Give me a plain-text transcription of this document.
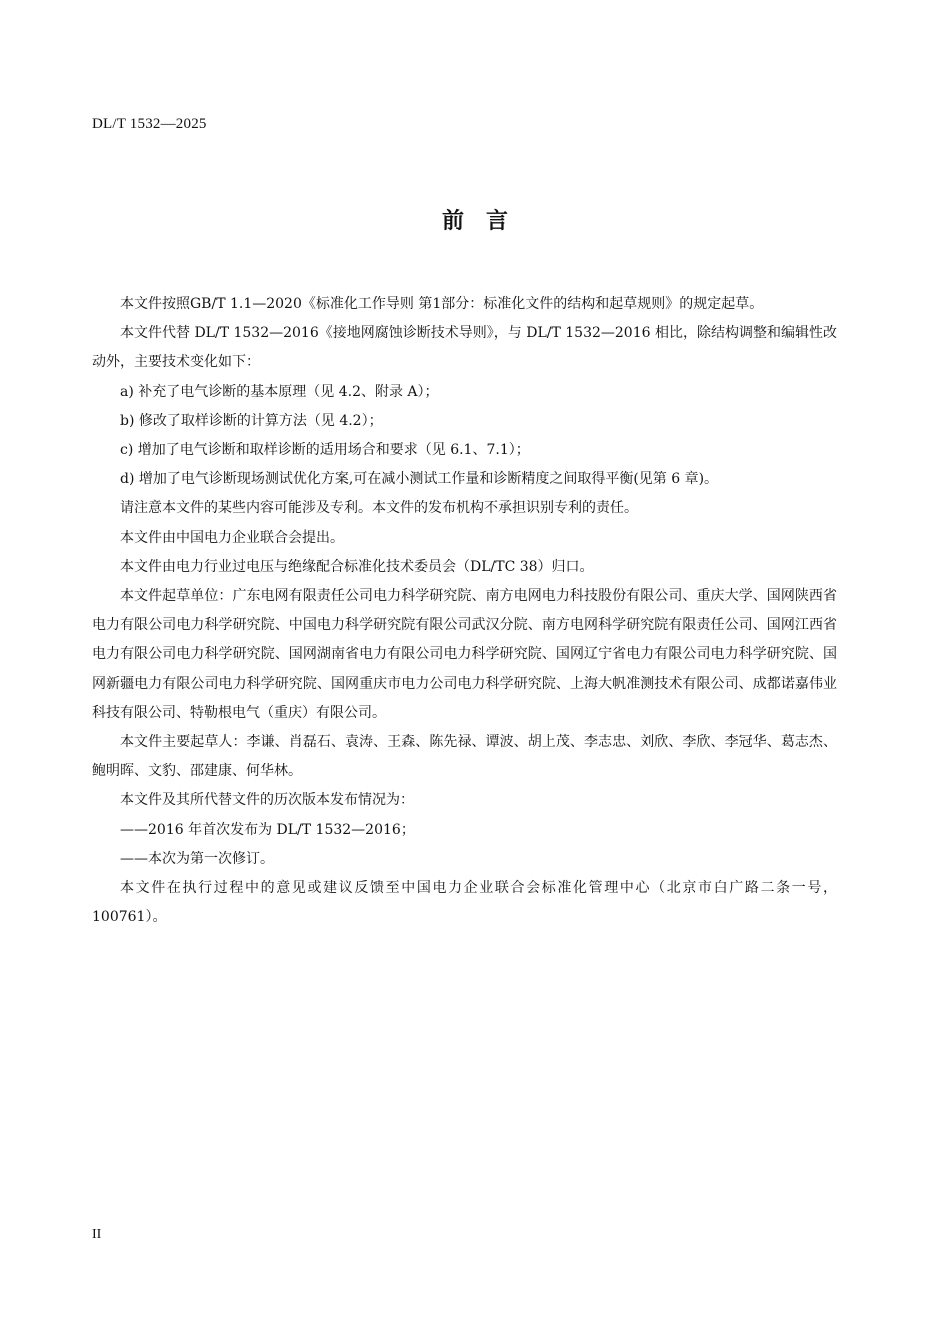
DL/T 1532—2025
前言

本文件按照GB/T 1.1—2020《标准化工作导则 第1部分：标准化文件的结构和起草规则》的规定起草。

本文件代替 DL/T 1532—2016《接地网腐蚀诊断技术导则》，与 DL/T 1532—2016 相比，除结构调整和编辑性改动外，主要技术变化如下：

a) 补充了电气诊断的基本原理（见 4.2、附录 A）；

b) 修改了取样诊断的计算方法（见 4.2）；

c) 增加了电气诊断和取样诊断的适用场合和要求（见 6.1、7.1）；

d) 增加了电气诊断现场测试优化方案,可在减小测试工作量和诊断精度之间取得平衡(见第 6 章)。

请注意本文件的某些内容可能涉及专利。本文件的发布机构不承担识别专利的责任。

本文件由中国电力企业联合会提出。

本文件由电力行业过电压与绝缘配合标准化技术委员会（DL/TC 38）归口。

本文件起草单位：广东电网有限责任公司电力科学研究院、南方电网电力科技股份有限公司、重庆大学、国网陕西省电力有限公司电力科学研究院、中国电力科学研究院有限公司武汉分院、南方电网科学研究院有限责任公司、国网江西省电力有限公司电力科学研究院、国网湖南省电力有限公司电力科学研究院、国网辽宁省电力有限公司电力科学研究院、国网新疆电力有限公司电力科学研究院、国网重庆市电力公司电力科学研究院、上海大帆准测技术有限公司、成都诺嘉伟业科技有限公司、特勒根电气（重庆）有限公司。

本文件主要起草人：李谦、肖磊石、袁涛、王森、陈先禄、谭波、胡上茂、李志忠、刘欣、李欣、李冠华、葛志杰、鲍明晖、文豹、邵建康、何华林。

本文件及其所代替文件的历次版本发布情况为：

——2016 年首次发布为 DL/T 1532—2016；

——本次为第一次修订。

本文件在执行过程中的意见或建议反馈至中国电力企业联合会标准化管理中心（北京市白广路二条一号，100761）。

II
